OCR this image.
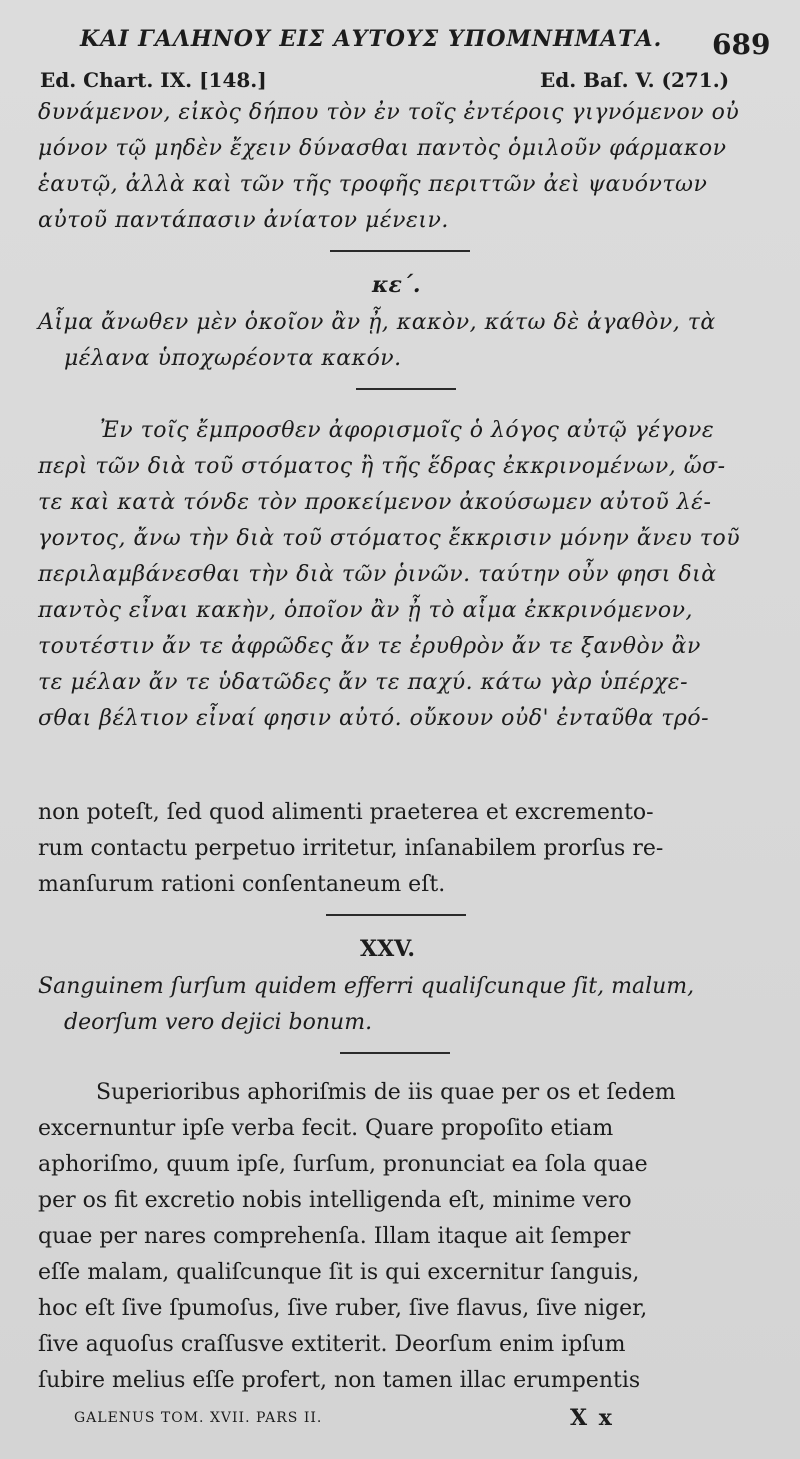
ΚΑΙ ΓΑΛΗΝΟΥ ΕΙΣ ΑΥΤΟΥΣ ΥΠΟΜΝΗΜΑΤΑ.	689
Ed. Chart. IX. [148.]	Ed. Baſ. V. (271.)
δυνάμενον, εἰκὸς δήπου τὸν ἐν τοῖς ἐντέροις γιγνόμενον οὐ
μόνον τῷ μηδὲν ἔχειν δύνασθαι παντὸς ὁμιλοῦν φάρμακον
ἑαυτῷ, ἀλλὰ καὶ τῶν τῆς τροφῆς περιττῶν ἀεὶ ψαυόντων
αὐτοῦ παντάπασιν ἀνίατον μένειν.
κε΄.
Αἷμα ἄνωθεν μὲν ὁκοῖον ἂν ᾖ, κακὸν, κάτω δὲ ἀγαθὸν, τὰ
μέλανα ὑποχωρέοντα κακόν.
Ἐν τοῖς ἔμπροσθεν ἀφορισμοῖς ὁ λόγος αὐτῷ γέγονε
περὶ τῶν διὰ τοῦ στόματος ἢ τῆς ἕδρας ἐκκρινομένων, ὥσ-
τε καὶ κατὰ τόνδε τὸν προκείμενον ἀκούσωμεν αὐτοῦ λέ-
γοντος, ἄνω τὴν διὰ τοῦ στόματος ἔκκρισιν μόνην ἄνευ τοῦ
περιλαμβάνεσθαι τὴν διὰ τῶν ῥινῶν. ταύτην οὖν φησι διὰ
παντὸς εἶναι κακὴν, ὁποῖον ἂν ᾖ τὸ αἷμα ἐκκρινόμενον,
τουτέστιν ἄν τε ἀφρῶδες ἄν τε ἐρυθρὸν ἄν τε ξανθὸν ἂν
τε μέλαν ἄν τε ὑδατῶδες ἄν τε παχύ. κάτω γὰρ ὑπέρχε-
σθαι βέλτιον εἶναί φησιν αὐτό. οὔκουν οὐδ' ἐνταῦθα τρό-
non poteſt, ſed quod alimenti praeterea et excremento-
rum contactu perpetuo irritetur, inſanabilem prorſus re-
manſurum rationi conſentaneum eſt.
XXV.
Sanguinem ſurſum quidem efferri qualiſcunque ſit, malum,
deorſum vero dejici bonum.
Superioribus aphoriſmis de iis quae per os et ſedem
excernuntur ipſe verba fecit. Quare propoſito etiam
aphoriſmo, quum ipſe, ſurſum, pronunciat ea ſola quae
per os fit excretio nobis intelligenda eſt, minime vero
quae per nares comprehenſa. Illam itaque ait ſemper
eſſe malam, qualiſcunque ſit is qui excernitur ſanguis,
hoc eſt ſive ſpumoſus, ſive ruber, ſive flavus, ſive niger,
ſive aquoſus craſſusve extiterit. Deorſum enim ipſum
ſubire melius eſſe profert, non tamen illac erumpentis
GALENUS TOM. XVII. PARS II.	X x
